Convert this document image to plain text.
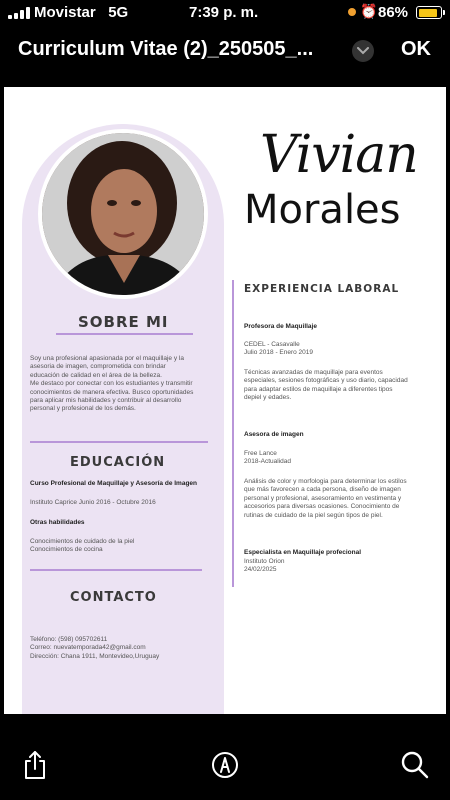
Movistar 5G	7:39 p. m.	⏰ 86%
Curriculum Vitae (2)_250505_...	OK
Vivian
Morales
SOBRE MI
Soy una profesional apasionada por el maquillaje y la
asesoria de imagen, comprometida con brindar
educación de calidad en el área de la belleza.
Me destaco por conectar con los estudiantes y transmitir
conocimientos de manera efectiva. Busco oportunidades
para aplicar mis habilidades y contribuir al desarrollo
personal y profesional de los demás.
EDUCACIÓN
Curso Profesional de Maquillaje y Asesoría de Imagen
Instituto Caprice Junio 2016 - Octubre 2016
Otras habilidades
Conocimientos de cuidado de la piel
Conocimientos de cocina
CONTACTO
Teléfono: (598) 095702611
Correo: nuevatemporada42@gmail.com
Dirección: Chana 1911, Montevideo,Uruguay
EXPERIENCIA LABORAL
Profesora de Maquillaje
CEDEL - Casavalle
Julio 2018 - Enero 2019
Técnicas avanzadas de maquillaje para eventos
especiales, sesiones fotográficas y uso diario, capacidad
para adaptar estilos de maquillaje a diferentes tipos
depiel y edades.
Asesora de imagen
Free Lance
2018-Actualidad
Análisis de color y morfologia para determinar los estilos
que más favorecen a cada persona, diseño de imagen
personal y profesional, asesoramiento en vestimenta y
accesorios para diversas ocasiones. Conocimiento de
rutinas de cuidado de la piel según tipos de piel.
Especialista en Maquillaje profecional
Instituto Orion
24/02/2025
